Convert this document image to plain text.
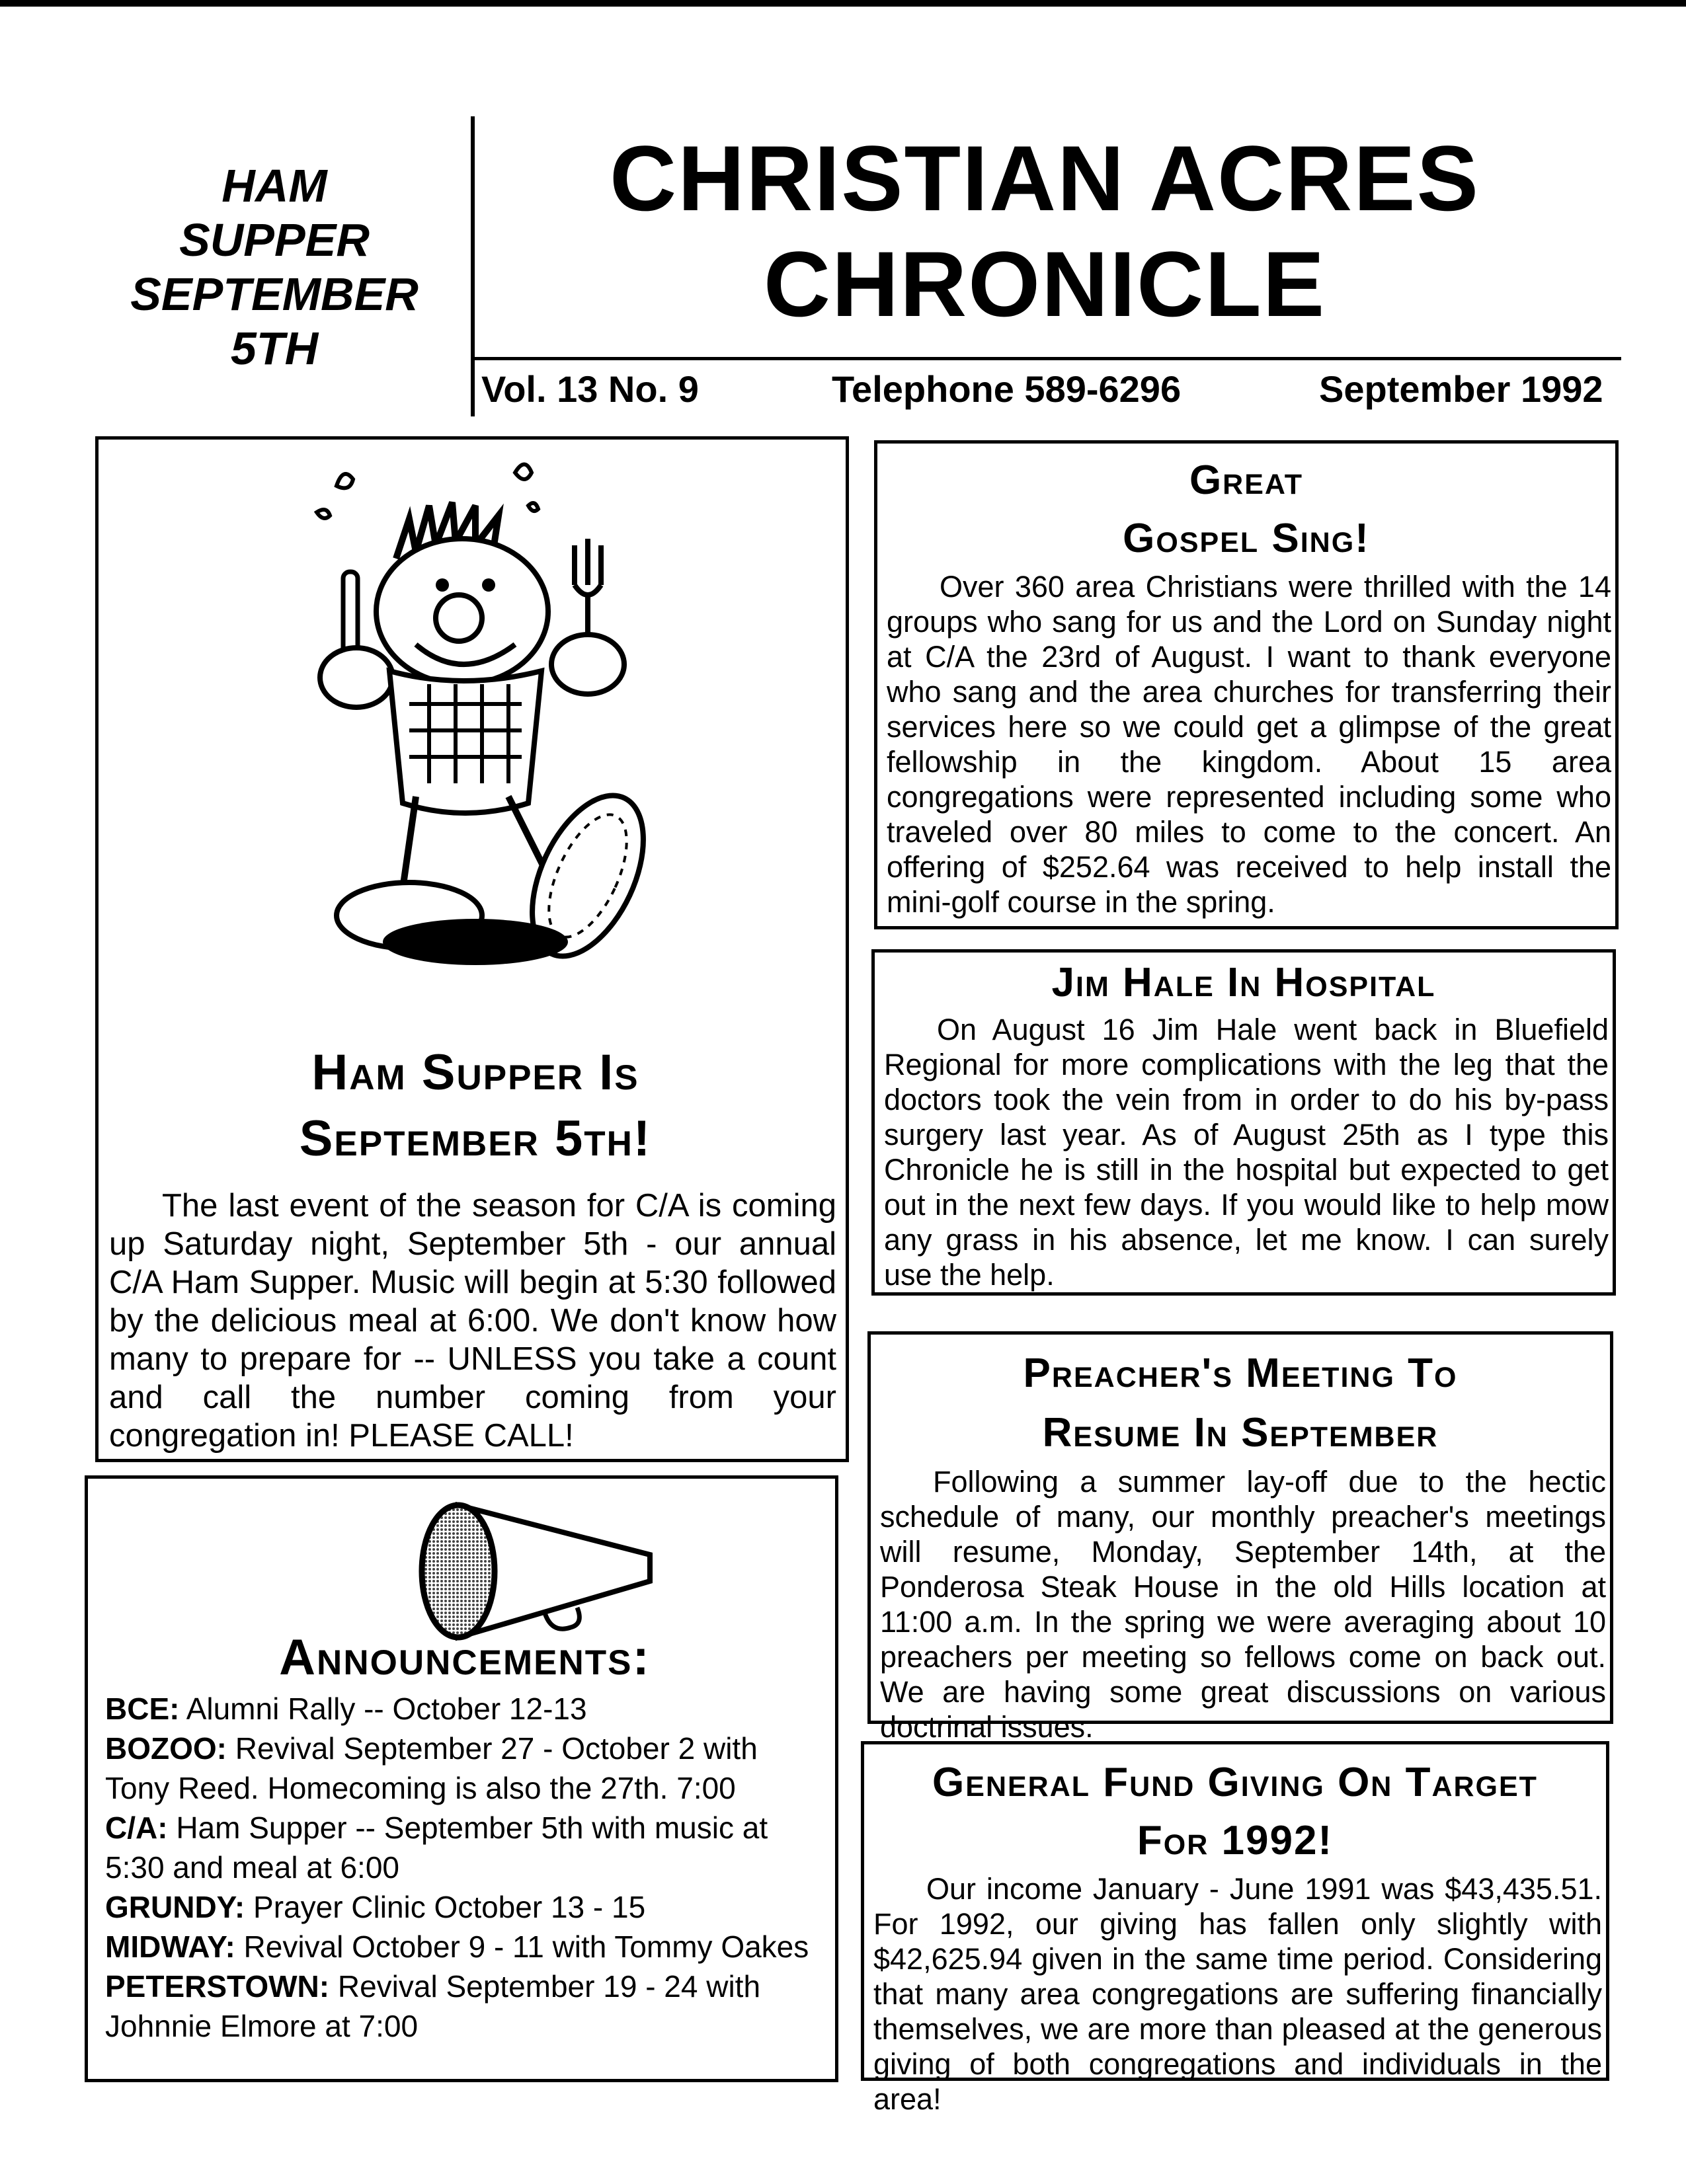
HAM
SUPPER
SEPTEMBER
5TH
CHRISTIAN ACRES
CHRONICLE
Vol. 13 No. 9	Telephone 589-6296	September 1992
Ham Supper Is
September 5th!
The last event of the season for C/A is coming up Saturday night, September 5th - our annual C/A Ham Supper. Music will begin at 5:30 followed by the delicious meal at 6:00. We don't know how many to prepare for -- UNLESS you take a count and call the number coming from your congregation in! PLEASE CALL!
Announcements:
BCE: Alumni Rally -- October 12-13
BOZOO: Revival September 27 - October 2 with Tony Reed. Homecoming is also the 27th. 7:00
C/A: Ham Supper -- September 5th with music at 5:30 and meal at 6:00
GRUNDY: Prayer Clinic October 13 - 15
MIDWAY: Revival October 9 - 11 with Tommy Oakes
PETERSTOWN: Revival September 19 - 24 with Johnnie Elmore at 7:00
Great
Gospel Sing!
Over 360 area Christians were thrilled with the 14 groups who sang for us and the Lord on Sunday night at C/A the 23rd of August. I want to thank everyone who sang and the area churches for transferring their services here so we could get a glimpse of the great fellowship in the kingdom. About 15 area congregations were represented including some who traveled over 80 miles to come to the concert. An offering of $252.64 was received to help install the mini-golf course in the spring.
Jim Hale In Hospital
On August 16 Jim Hale went back in Bluefield Regional for more complications with the leg that the doctors took the vein from in order to do his by-pass surgery last year. As of August 25th as I type this Chronicle he is still in the hospital but expected to get out in the next few days. If you would like to help mow any grass in his absence, let me know. I can surely use the help.
Preacher's Meeting To
Resume In September
Following a summer lay-off due to the hectic schedule of many, our monthly preacher's meetings will resume, Monday, September 14th, at the Ponderosa Steak House in the old Hills location at 11:00 a.m. In the spring we were averaging about 10 preachers per meeting so fellows come on back out. We are having some great discussions on various doctrinal issues.
General Fund Giving On Target
For 1992!
Our income January - June 1991 was $43,435.51. For 1992, our giving has fallen only slightly with $42,625.94 given in the same time period. Considering that many area congregations are suffering financially themselves, we are more than pleased at the generous giving of both congregations and individuals in the area!
